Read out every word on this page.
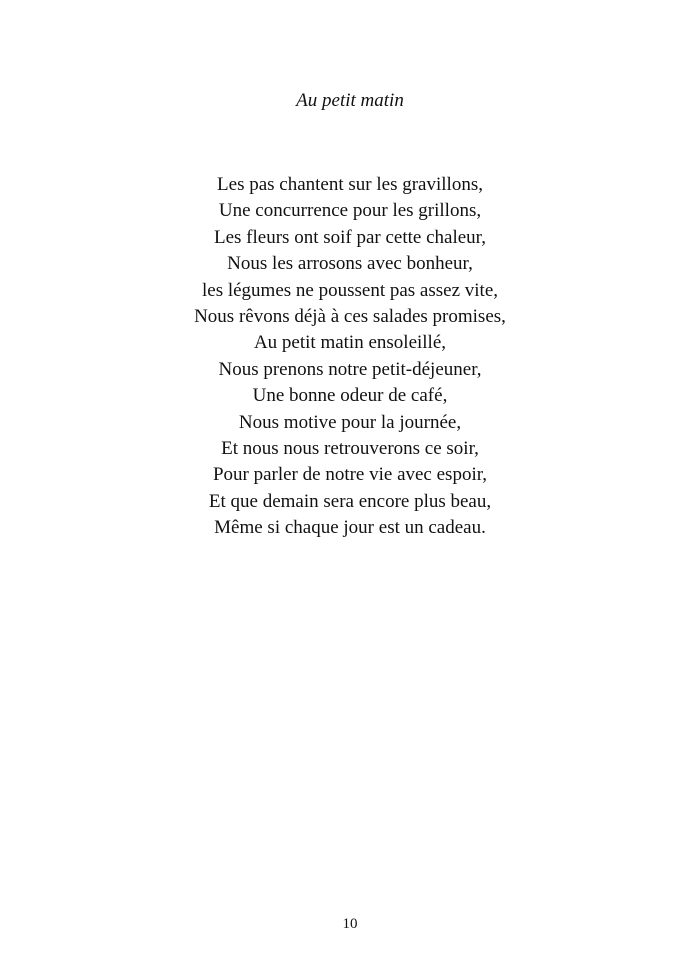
Au petit matin
Les pas chantent sur les gravillons,
Une concurrence pour les grillons,
Les fleurs ont soif par cette chaleur,
Nous les arrosons avec bonheur,
les légumes ne poussent pas assez vite,
Nous rêvons déjà à ces salades promises,
Au petit matin ensoleillé,
Nous prenons notre petit-déjeuner,
Une bonne odeur de café,
Nous motive pour la journée,
Et nous nous retrouverons ce soir,
Pour parler de notre vie avec espoir,
Et que demain sera encore plus beau,
Même si chaque jour est un cadeau.
10
